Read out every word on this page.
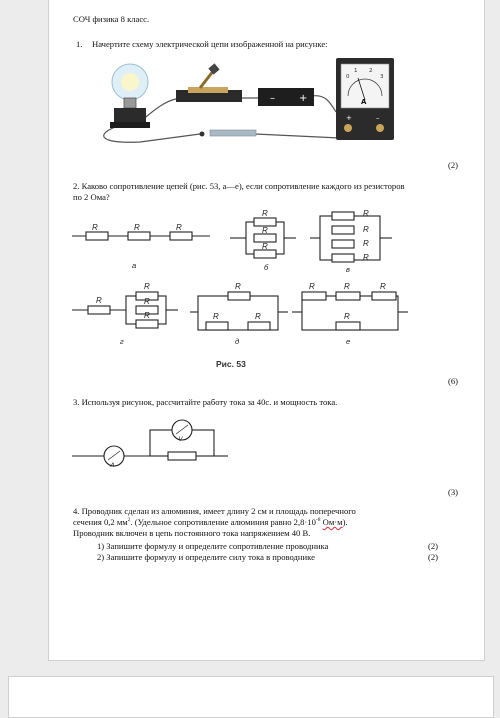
СОЧ физика 8 класс.
1. Начертите схему электрической цепи изображенной на рисунке:
– +
0
1 2
3
A
+	–
(2)
2. Каково сопротивление цепей (рис. 53, а—е), если сопротивление каждого из резисторов
по 2 Ома?
R	R	R
R
R
R
R
R
R
R
R
R
R
R
R
R	R
R	R	R
R
а	б	в
г	д	е
Рис. 53
(6)
3. Используя рисунок, рассчитайте работу тока за 40с. и мощность тока.
A
V
(3)
4. Проводник сделан из алюминия, имеет длину 2 см и площадь поперечного
сечения 0,2 $мм^2$. (Удельное сопротивление алюминия равно $2,8\cdot 10^{-8}$ Ом·м).
Проводник включен в цепь постоянного тока напряжением 40 В.
1) Запишите формулу и определите сопротивление проводника	(2)
2) Запишите формулу и определите силу тока в проводнике	(2)
